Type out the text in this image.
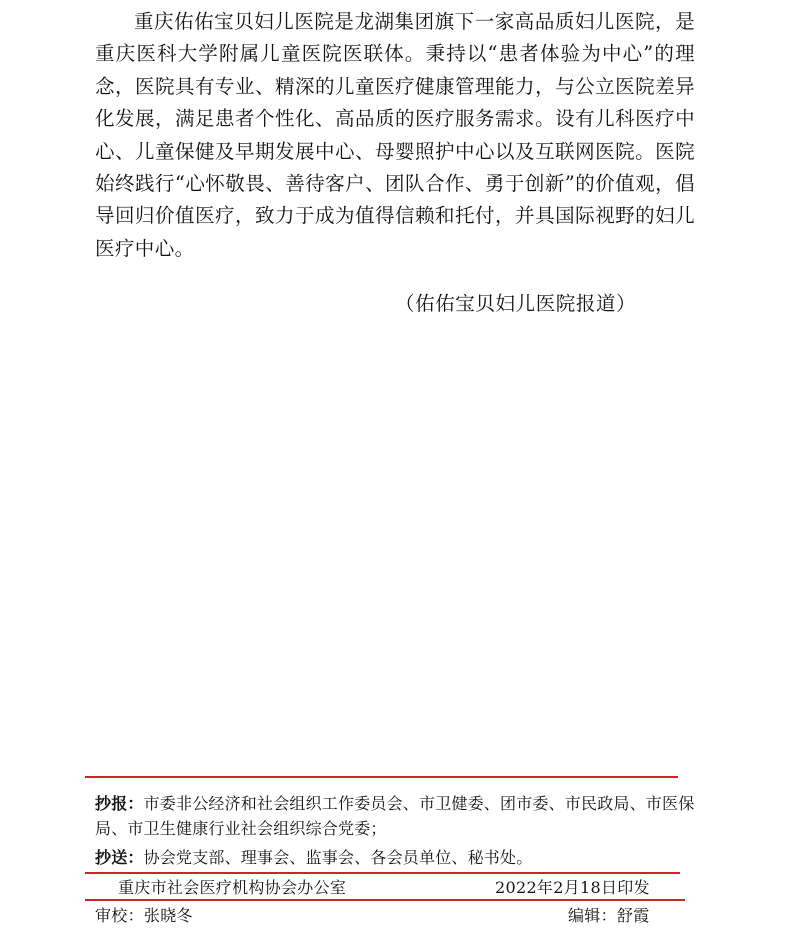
重庆佑佑宝贝妇儿医院是龙湖集团旗下一家高品质妇儿医院，是重庆医科大学附属儿童医院医联体。秉持以“患者体验为中心”的理念，医院具有专业、精深的儿童医疗健康管理能力，与公立医院差异化发展，满足患者个性化、高品质的医疗服务需求。设有儿科医疗中心、儿童保健及早期发展中心、母婴照护中心以及互联网医院。医院始终践行“心怀敬畏、善待客户、团队合作、勇于创新”的价值观，倡导回归价值医疗，致力于成为值得信赖和托付，并具国际视野的妇儿医疗中心。

（佑佑宝贝妇儿医院报道）
抄报：市委非公经济和社会组织工作委员会、市卫健委、团市委、市民政局、市医保局、市卫生健康行业社会组织综合党委；
抄送：协会党支部、理事会、监事会、各会员单位、秘书处。
重庆市社会医疗机构协会办公室	2022年2月18日印发
审校：张晓冬	编辑：舒霞
